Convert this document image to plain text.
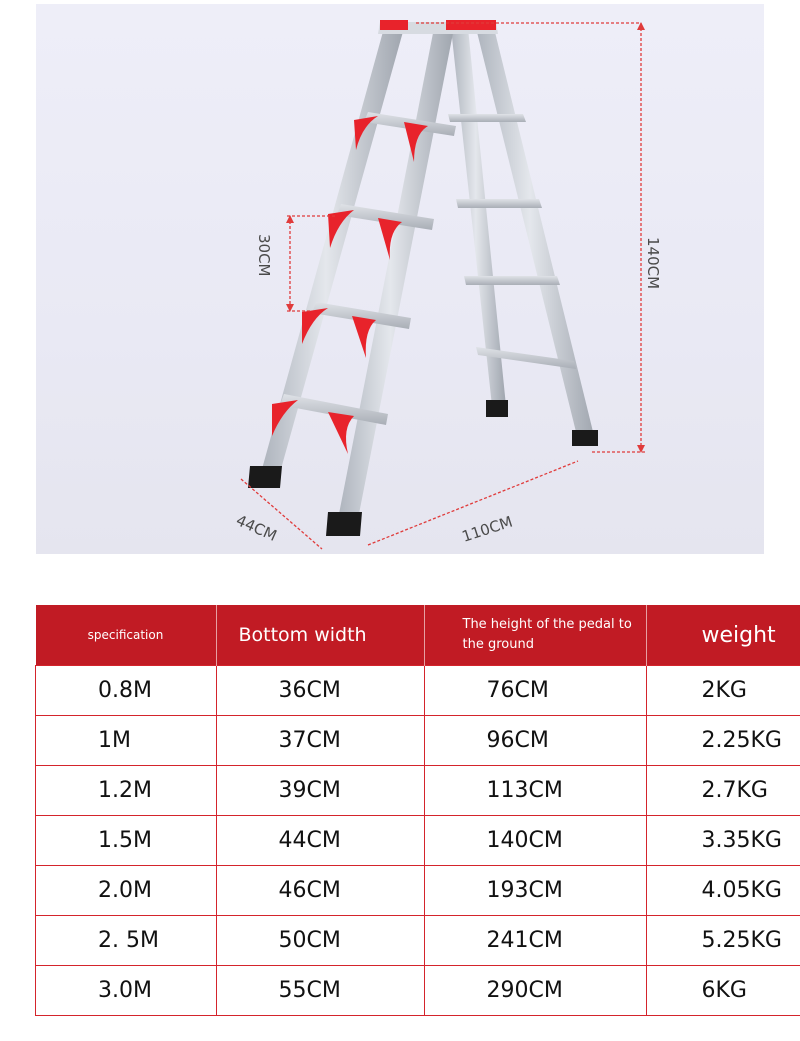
140CM
30CM
110CM
44CM
specification	Bottom width	The height of the pedal to the ground	weight
0.8M	36CM	76CM	2KG
1M	37CM	96CM	2.25KG
1.2M	39CM	113CM	2.7KG
1.5M	44CM	140CM	3.35KG
2.0M	46CM	193CM	4.05KG
2. 5M	50CM	241CM	5.25KG
3.0M	55CM	290CM	6KG
